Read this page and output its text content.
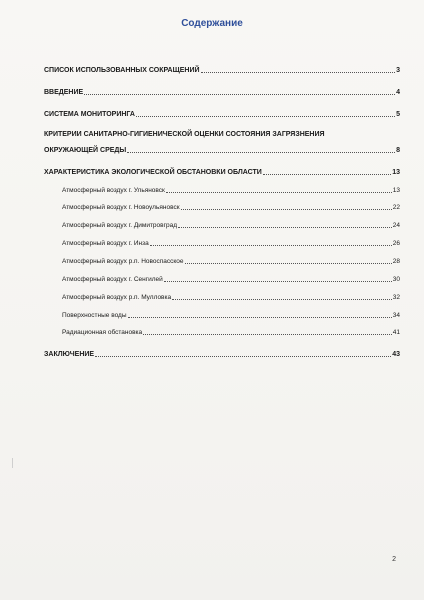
Содержание
СПИСОК ИСПОЛЬЗОВАННЫХ СОКРАЩЕНИЙ	3
ВВЕДЕНИЕ	4
СИСТЕМА МОНИТОРИНГА	5
КРИТЕРИИ САНИТАРНО-ГИГИЕНИЧЕСКОЙ ОЦЕНКИ СОСТОЯНИЯ ЗАГРЯЗНЕНИЯ
ОКРУЖАЮЩЕЙ СРЕДЫ	8
ХАРАКТЕРИСТИКА ЭКОЛОГИЧЕСКОЙ ОБСТАНОВКИ ОБЛАСТИ	13
Атмосферный воздух г. Ульяновск	13
Атмосферный воздух г. Новоульяновск	22
Атмосферный воздух г. Димитровград	24
Атмосферный воздух г. Инза	26
Атмосферный воздух р.п. Новоспасское	28
Атмосферный воздух г. Сенгилей	30
Атмосферный воздух р.п. Мулловка	32
Поверхностные воды	34
Радиационная обстановка	41
ЗАКЛЮЧЕНИЕ	43
2
